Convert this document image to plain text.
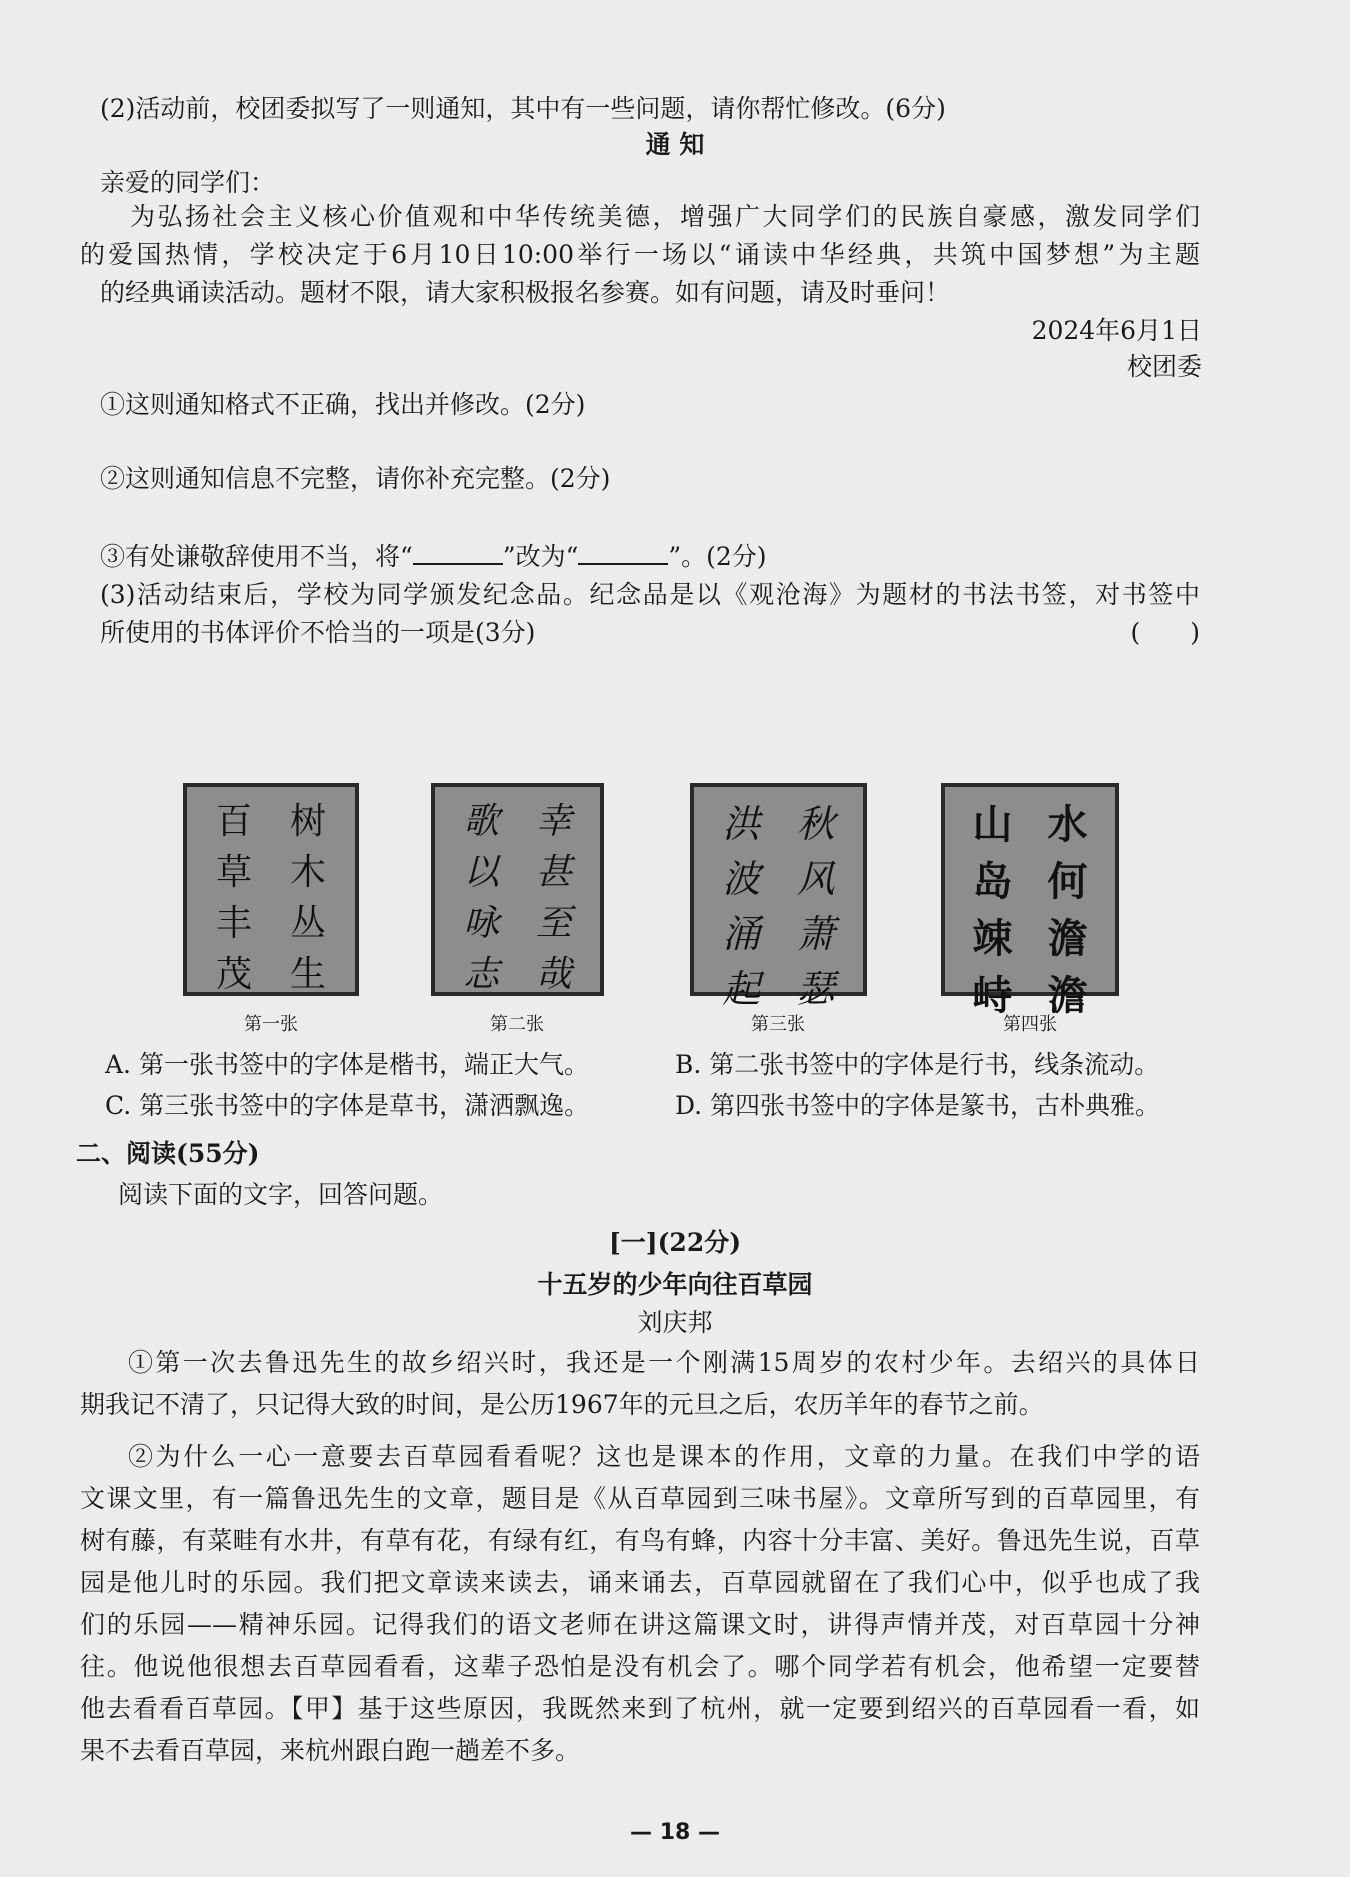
(2)活动前，校团委拟写了一则通知，其中有一些问题，请你帮忙修改。(6分)
通 知
亲爱的同学们：
为弘扬社会主义核心价值观和中华传统美德，增强广大同学们的民族自豪感，激发同学们
的爱国热情，学校决定于6月10日10:00举行一场以“诵读中华经典，共筑中国梦想”为主题
的经典诵读活动。题材不限，请大家积极报名参赛。如有问题，请及时垂问！
2024年6月1日
校团委
①这则通知格式不正确，找出并修改。(2分)
②这则通知信息不完整，请你补充完整。(2分)
③有处谦敬辞使用不当，将“	”改为“	”。(2分)
(3)活动结束后，学校为同学颁发纪念品。纪念品是以《观沧海》为题材的书法书签，对书签中
所使用的书体评价不恰当的一项是(3分)	(　　)
百	树
草	木
丰	丛
茂	生
歌	幸
以	甚
咏	至
志	哉
洪 秋
波 风
涌 萧
起 瑟
山 水
岛 何
竦 澹
峙 澹
第一张	第二张	第三张	第四张
A. 第一张书签中的字体是楷书，端正大气。	B. 第二张书签中的字体是行书，线条流动。
C. 第三张书签中的字体是草书，潇洒飘逸。	D. 第四张书签中的字体是篆书，古朴典雅。
二、阅读(55分)
阅读下面的文字，回答问题。
[一](22分)
十五岁的少年向往百草园
刘庆邦
①第一次去鲁迅先生的故乡绍兴时，我还是一个刚满15周岁的农村少年。去绍兴的具体日
期我记不清了，只记得大致的时间，是公历1967年的元旦之后，农历羊年的春节之前。
②为什么一心一意要去百草园看看呢？这也是课本的作用，文章的力量。在我们中学的语
文课文里，有一篇鲁迅先生的文章，题目是《从百草园到三味书屋》。文章所写到的百草园里，有
树有藤，有菜畦有水井，有草有花，有绿有红，有鸟有蜂，内容十分丰富、美好。鲁迅先生说，百草
园是他儿时的乐园。我们把文章读来读去，诵来诵去，百草园就留在了我们心中，似乎也成了我
们的乐园——精神乐园。记得我们的语文老师在讲这篇课文时，讲得声情并茂，对百草园十分神
往。他说他很想去百草园看看，这辈子恐怕是没有机会了。哪个同学若有机会，他希望一定要替
他去看看百草园。【甲】基于这些原因，我既然来到了杭州，就一定要到绍兴的百草园看一看，如
果不去看百草园，来杭州跟白跑一趟差不多。
— 18 —
